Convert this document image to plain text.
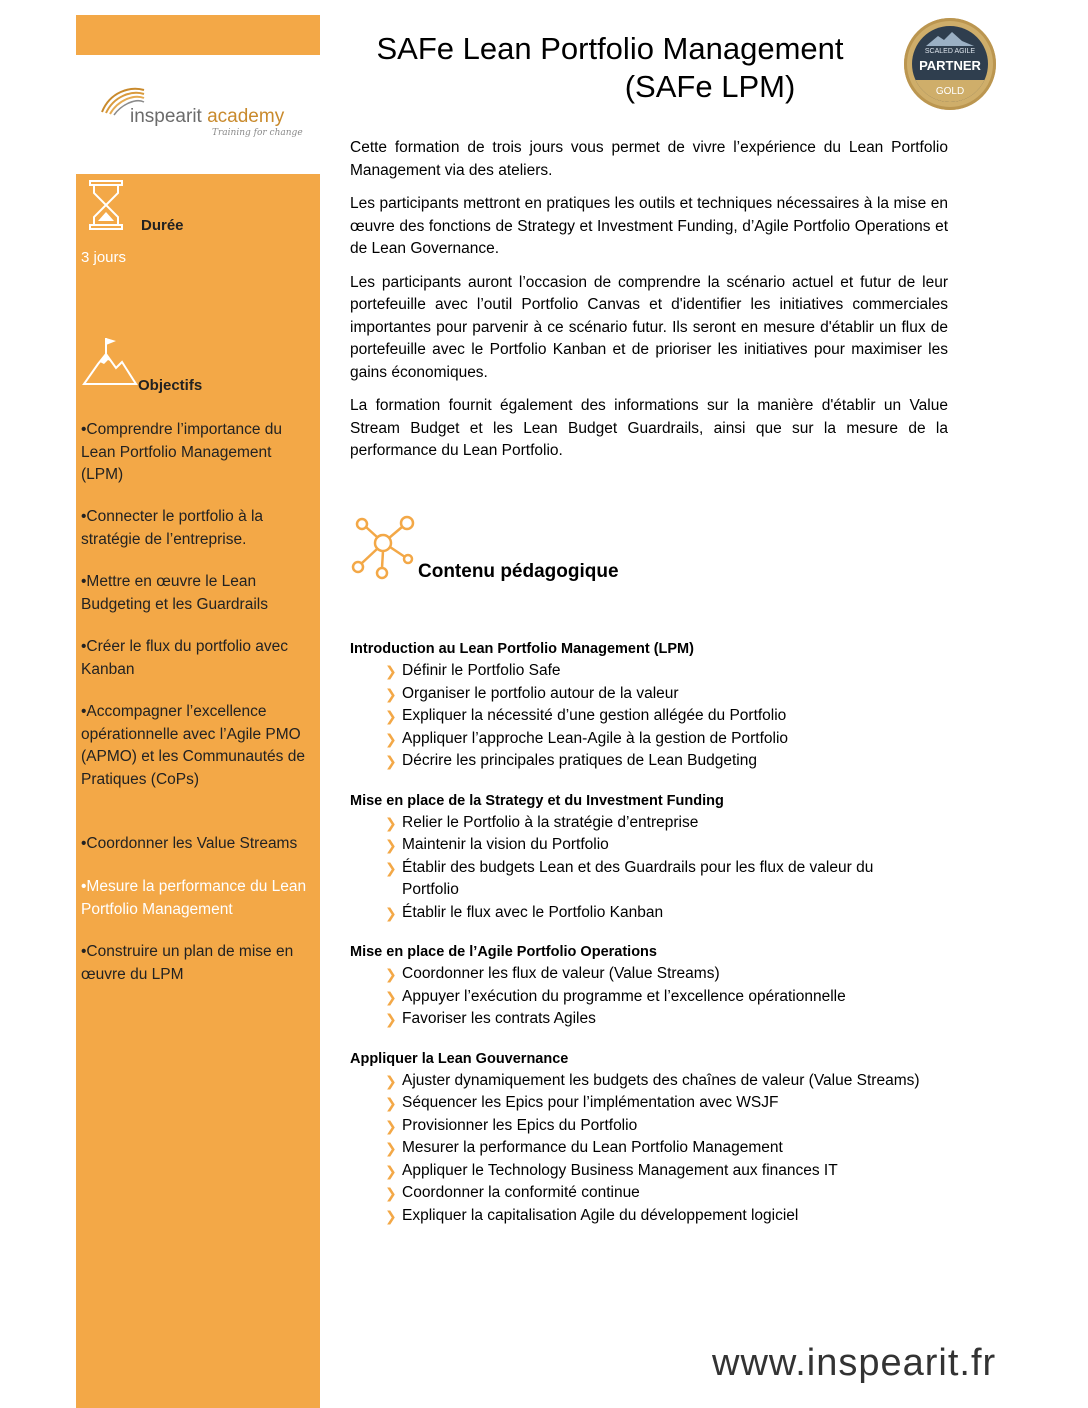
inspearit academy
Training for change
Durée
3 jours
Objectifs
•Comprendre l’importance du Lean Portfolio Management (LPM)
•Connecter le portfolio à la stratégie de l’entreprise.
•Mettre en œuvre le Lean Budgeting et les Guardrails
•Créer le flux du portfolio avec Kanban
•Accompagner l’excellence opérationnelle avec l’Agile PMO (APMO) et les Communautés de Pratiques (CoPs)
•Coordonner les Value Streams
•Mesure la performance du Lean Portfolio Management
•Construire un plan de mise en œuvre du LPM
SAFe Lean Portfolio Management
(SAFe LPM)
SCALED AGILE
PARTNER
GOLD

Cette formation de trois jours vous permet de vivre l’expérience du Lean Portfolio Management via des ateliers.

Les participants mettront en pratiques les outils et techniques nécessaires à la mise en œuvre des fonctions de Strategy et Investment Funding, d’Agile Portfolio Operations et de Lean Governance.

Les participants auront l’occasion de comprendre la scénario actuel et futur de leur portefeuille avec l’outil Portfolio Canvas et d'identifier les initiatives commerciales importantes pour parvenir à ce scénario futur. Ils seront en mesure d'établir un flux de portefeuille avec le Portfolio Kanban et de prioriser les initiatives pour maximiser les gains économiques.

La formation fournit également des informations sur la manière d'établir un Value Stream Budget et les Lean Budget Guardrails, ainsi que sur la mesure de la performance du Lean Portfolio.

Contenu pédagogique
Introduction au Lean Portfolio Management (LPM)
❯ Définir le Portfolio Safe
❯ Organiser le portfolio autour de la valeur
❯ Expliquer la nécessité d’une gestion allégée du Portfolio
❯ Appliquer l’approche Lean-Agile à la gestion de Portfolio
❯ Décrire les principales pratiques de Lean Budgeting
Mise en place de la Strategy et du Investment Funding
❯ Relier le Portfolio à la stratégie d’entreprise
❯ Maintenir la vision du Portfolio
❯ Établir des budgets Lean et des Guardrails pour les flux de valeur du Portfolio
❯ Établir le flux avec le Portfolio Kanban
Mise en place de l’Agile Portfolio Operations
❯ Coordonner les flux de valeur (Value Streams)
❯ Appuyer l’exécution du programme et l’excellence opérationnelle
❯ Favoriser les contrats Agiles
Appliquer la Lean Gouvernance
❯ Ajuster dynamiquement les budgets des chaînes de valeur (Value Streams)
❯ Séquencer les Epics pour l’implémentation avec WSJF
❯ Provisionner les Epics du Portfolio
❯ Mesurer la performance du Lean Portfolio Management
❯ Appliquer le Technology Business Management aux finances IT
❯ Coordonner la conformité continue
❯ Expliquer la capitalisation Agile du développement logiciel
www.inspearit.fr
